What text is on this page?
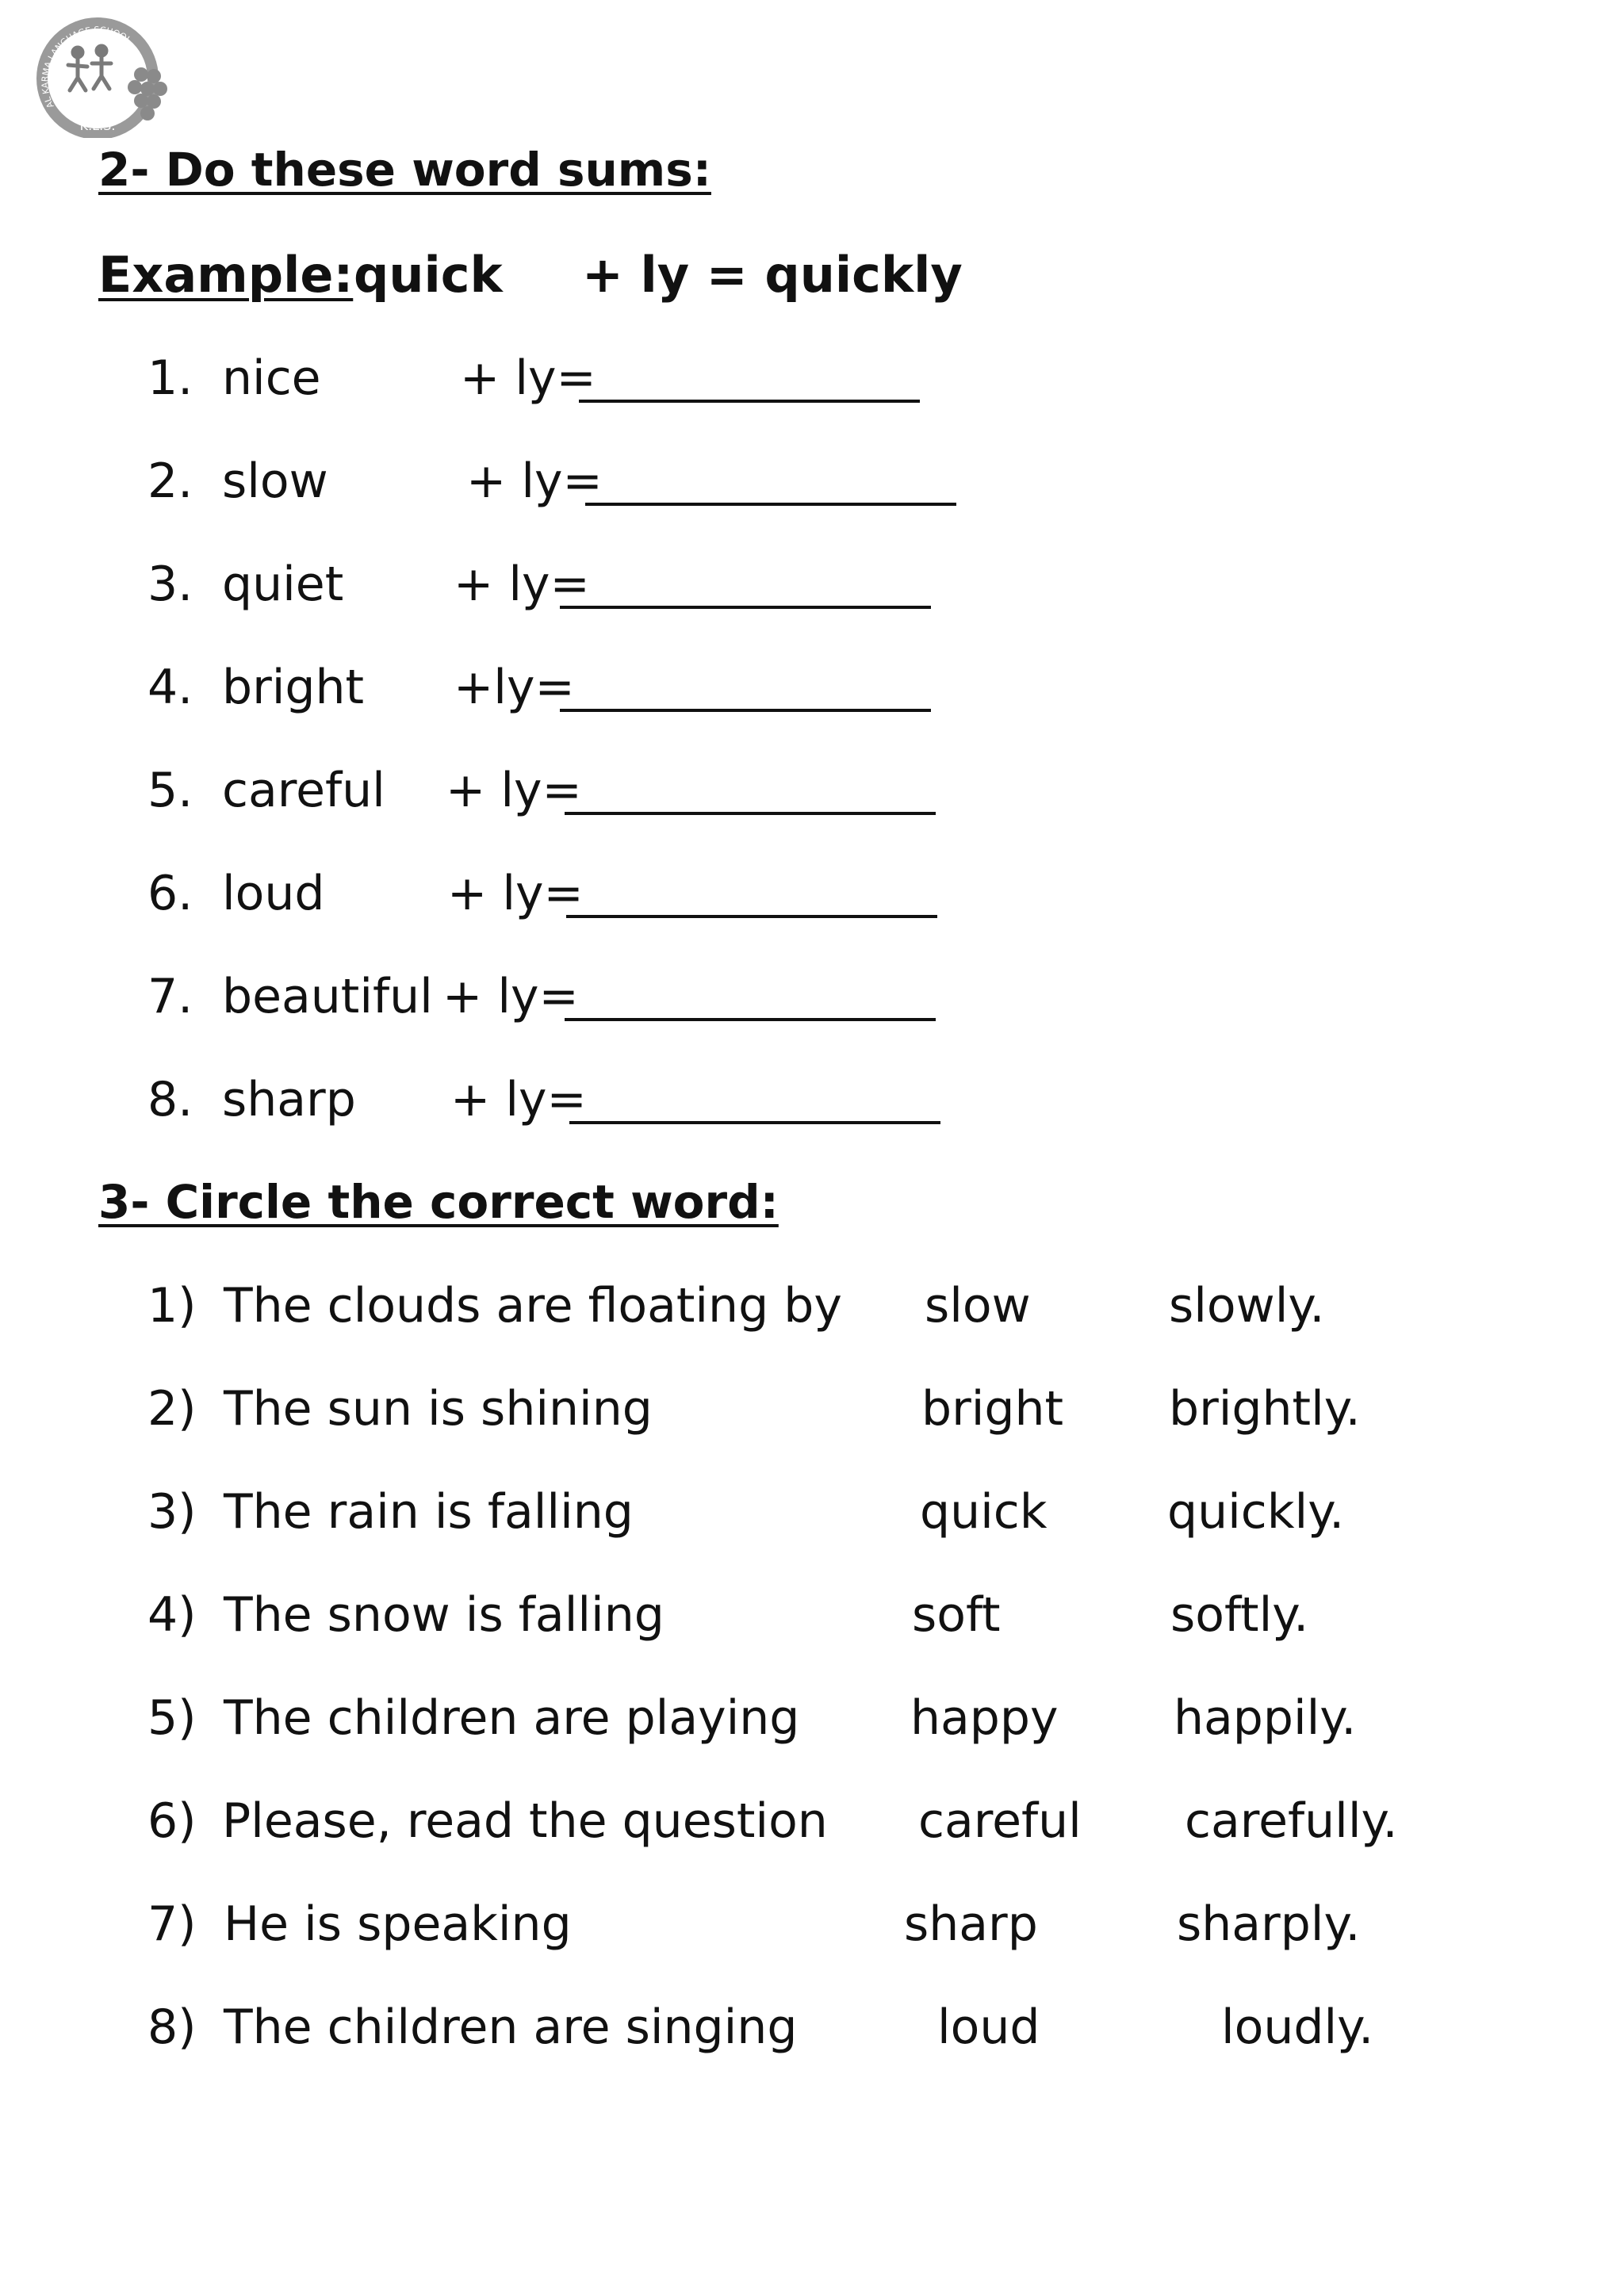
AL KARMA LANGUAGE SCHOOL
K.L.S.
2- Do these word sums:
Example: quick + ly = quickly
1. nice	+ ly=
2. slow	+ ly=
3. quiet + ly=
4. bright +ly=
5. careful + ly=
6. loud	+ ly=
7. beautiful + ly=
8. sharp + ly=
3- Circle the correct word:
1) The clouds are floating by slow	slowly.
2) The sun is shining	bright brightly.
3) The rain is falling	quick	quickly.
4) The snow is falling	soft	softly.
5) The children are playing happy happily.
6) Please, read the question careful carefully.
7) He is speaking	sharp	sharply.
8) The children are singing	loud	loudly.
